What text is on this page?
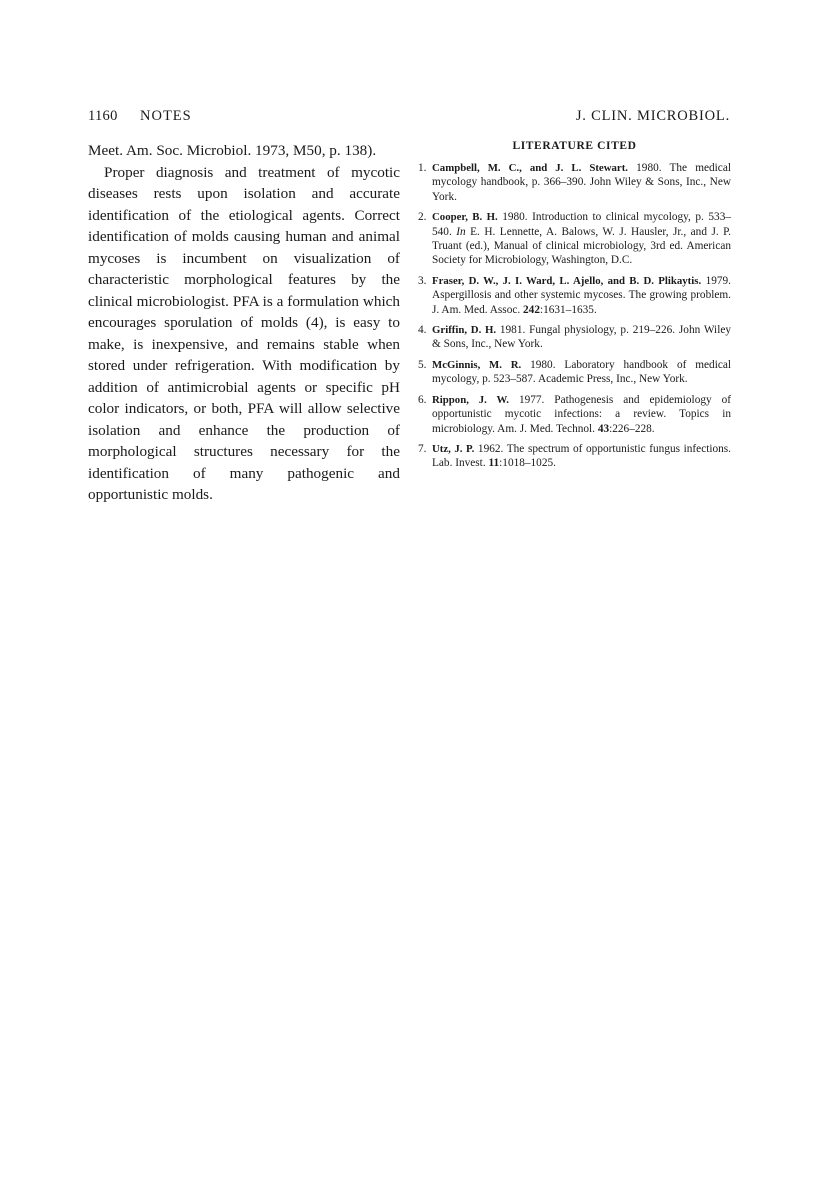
1160 NOTES	J. CLIN. MICROBIOL.

Meet. Am. Soc. Microbiol. 1973, M50, p. 138).

Proper diagnosis and treatment of mycotic diseases rests upon isolation and accurate identification of the etiological agents. Correct identification of molds causing human and animal mycoses is incumbent on visualization of characteristic morphological features by the clinical microbiologist. PFA is a formulation which encourages sporulation of molds (4), is easy to make, is inexpensive, and remains stable when stored under refrigeration. With modification by addition of antimicrobial agents or specific pH color indicators, or both, PFA will allow selective isolation and enhance the production of morphological structures necessary for the identification of many pathogenic and opportunistic molds.

LITERATURE CITED
1. Campbell, M. C., and J. L. Stewart. 1980. The medical mycology handbook, p. 366–390. John Wiley & Sons, Inc., New York.
2. Cooper, B. H. 1980. Introduction to clinical mycology, p. 533–540. In E. H. Lennette, A. Balows, W. J. Hausler, Jr., and J. P. Truant (ed.), Manual of clinical microbiology, 3rd ed. American Society for Microbiology, Washington, D.C.
3. Fraser, D. W., J. I. Ward, L. Ajello, and B. D. Plikaytis. 1979. Aspergillosis and other systemic mycoses. The growing problem. J. Am. Med. Assoc. 242:1631–1635.
4. Griffin, D. H. 1981. Fungal physiology, p. 219–226. John Wiley & Sons, Inc., New York.
5. McGinnis, M. R. 1980. Laboratory handbook of medical mycology, p. 523–587. Academic Press, Inc., New York.
6. Rippon, J. W. 1977. Pathogenesis and epidemiology of opportunistic mycotic infections: a review. Topics in microbiology. Am. J. Med. Technol. 43:226–228.
7. Utz, J. P. 1962. The spectrum of opportunistic fungus infections. Lab. Invest. 11:1018–1025.
